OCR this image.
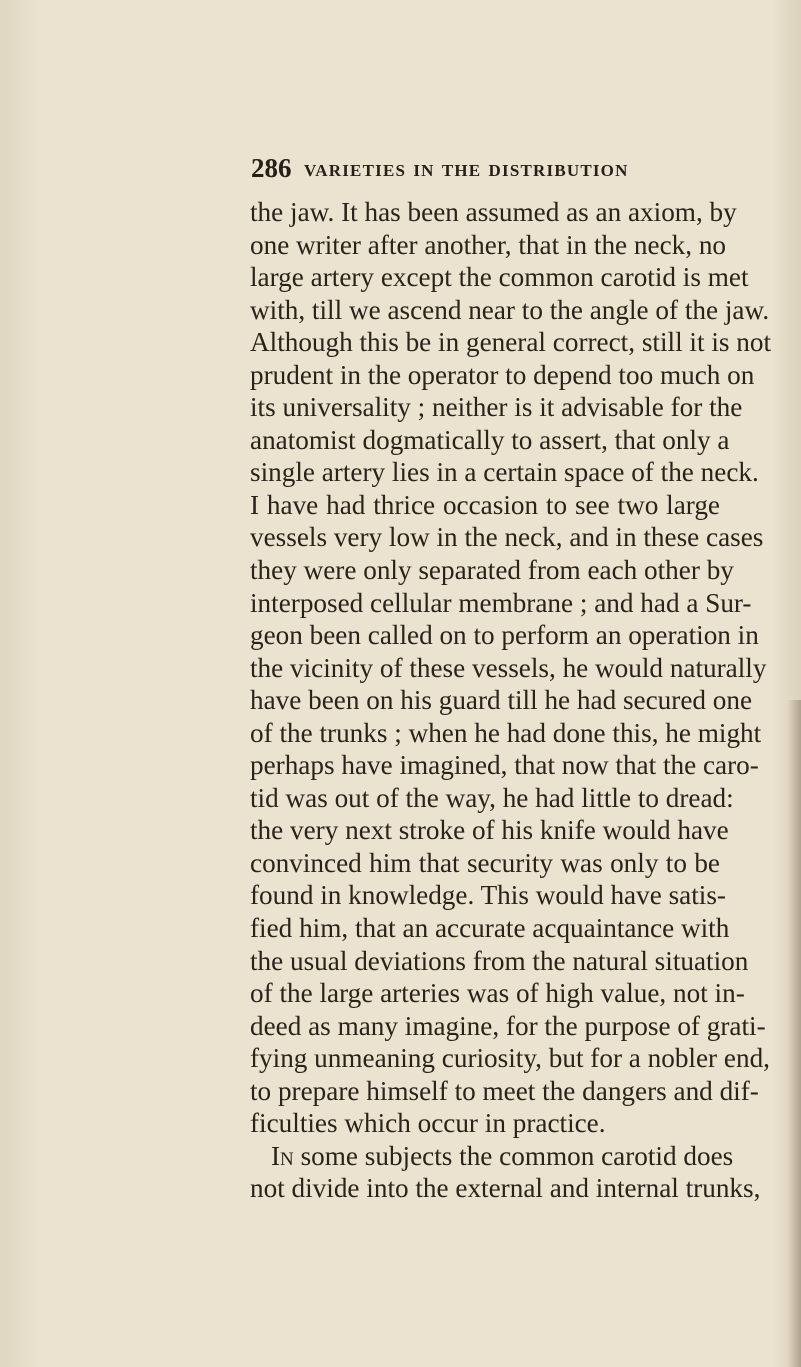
286 varieties in the distribution
the jaw. It has been assumed as an axiom, by
one writer after another, that in the neck, no
large artery except the common carotid is met
with, till we ascend near to the angle of the jaw.
Although this be in general correct, still it is not
prudent in the operator to depend too much on
its universality ; neither is it advisable for the
anatomist dogmatically to assert, that only a
single artery lies in a certain space of the neck.
I have had thrice occasion to see two large
vessels very low in the neck, and in these cases
they were only separated from each other by
interposed cellular membrane ; and had a Sur-
geon been called on to perform an operation in
the vicinity of these vessels, he would naturally
have been on his guard till he had secured one
of the trunks ; when he had done this, he might
perhaps have imagined, that now that the caro-
tid was out of the way, he had little to dread:
the very next stroke of his knife would have
convinced him that security was only to be
found in knowledge. This would have satis-
fied him, that an accurate acquaintance with
the usual deviations from the natural situation
of the large arteries was of high value, not in-
deed as many imagine, for the purpose of grati-
fying unmeaning curiosity, but for a nobler end,
to prepare himself to meet the dangers and dif-
ficulties which occur in practice.
In some subjects the common carotid does
not divide into the external and internal trunks,
